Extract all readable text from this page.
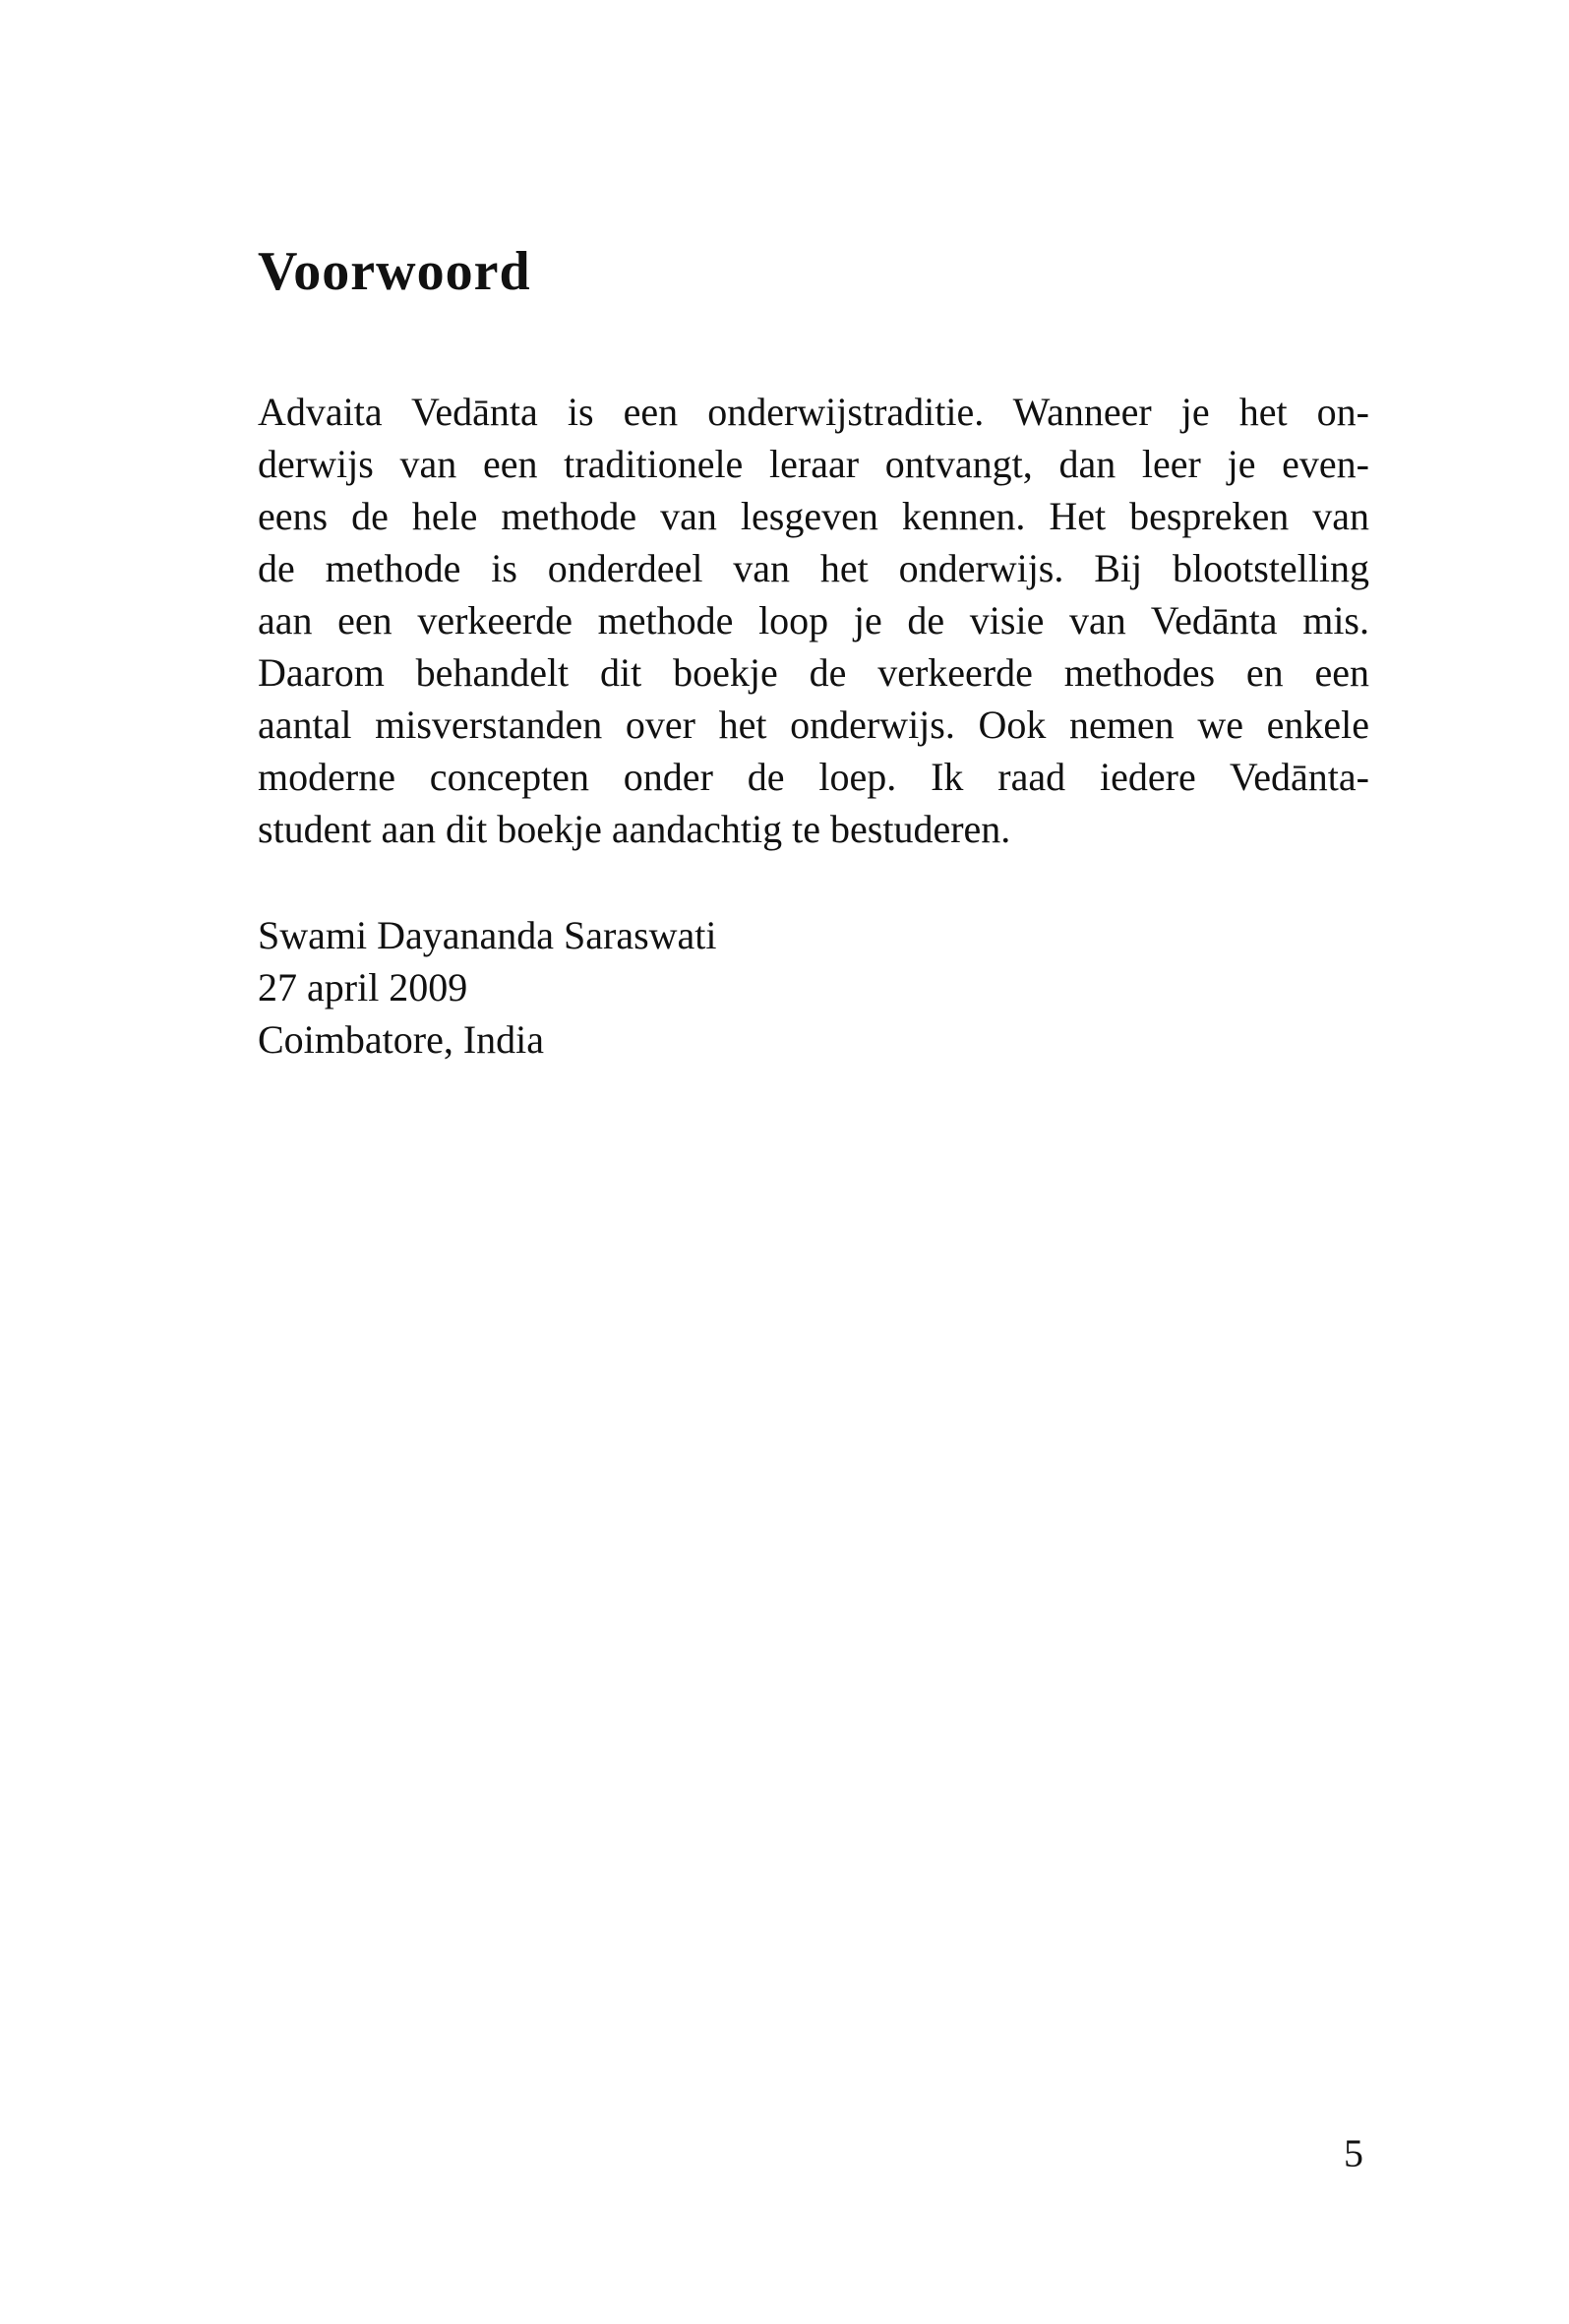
Voorwoord
Advaita Vedānta is een onderwijstraditie. Wanneer je het on-
derwijs van een traditionele leraar ontvangt, dan leer je even-
eens de hele methode van lesgeven kennen. Het bespreken van
de methode is onderdeel van het onderwijs. Bij blootstelling
aan een verkeerde methode loop je de visie van Vedānta mis.
Daarom behandelt dit boekje de verkeerde methodes en een
aantal misverstanden over het onderwijs. Ook nemen we enkele
moderne concepten onder de loep. Ik raad iedere Vedānta-
student aan dit boekje aandachtig te bestuderen.
Swami Dayananda Saraswati
27 april 2009
Coimbatore, India
5
